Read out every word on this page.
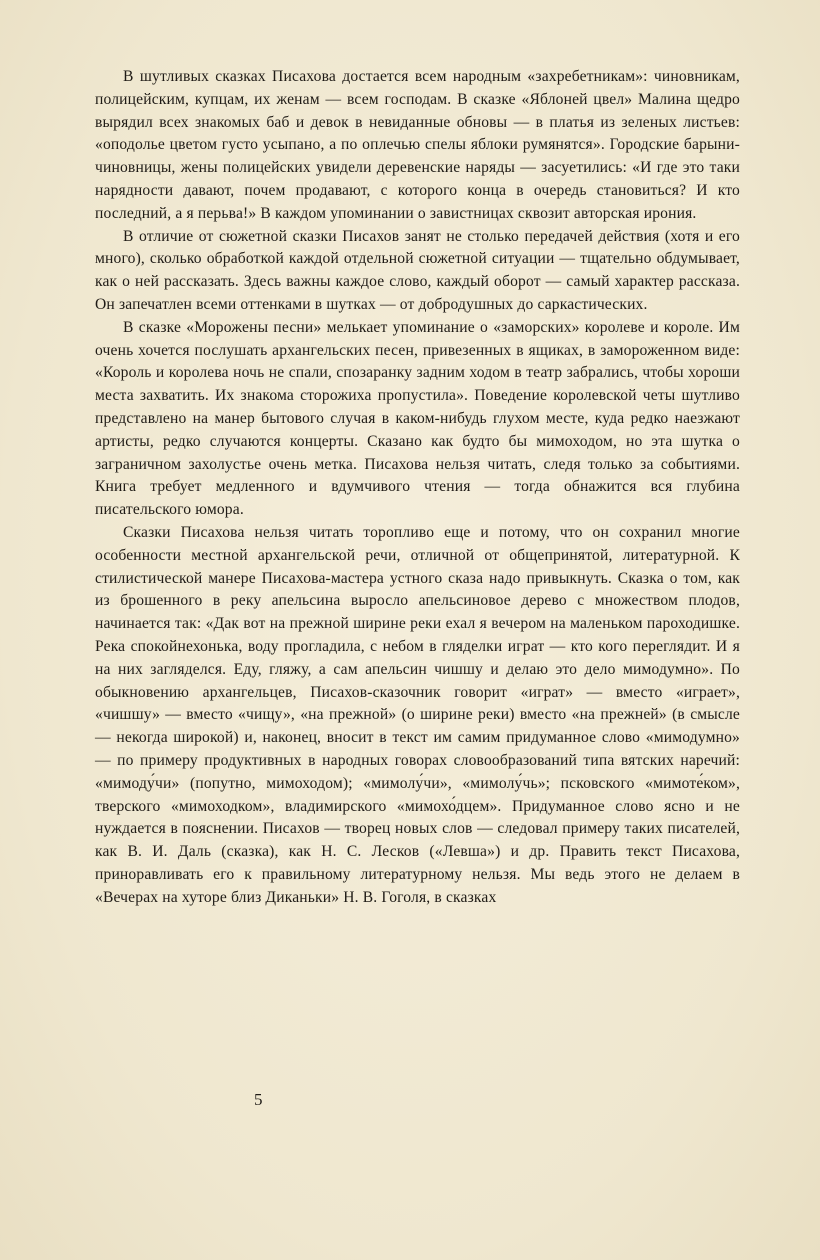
В шутливых сказках Писахова достается всем народным «захребетникам»: чиновникам, полицейским, купцам, их женам — всем господам. В сказке «Яблоней цвел» Малина щедро вырядил всех знакомых баб и девок в невиданные обновы — в платья из зеленых листьев: «оподолье цветом густо усыпано, а по оплечью спелы яблоки румянятся». Городские барыни-чиновницы, жены полицейских увидели деревенские наряды — засуетились: «И где это таки нарядности давают, почем продавают, с которого конца в очередь становиться? И кто последний, а я перьва!» В каждом упоминании о завистницах сквозит авторская ирония.

В отличие от сюжетной сказки Писахов занят не столько передачей действия (хотя и его много), сколько обработкой каждой отдельной сюжетной ситуации — тщательно обдумывает, как о ней рассказать. Здесь важны каждое слово, каждый оборот — самый характер рассказа. Он запечатлен всеми оттенками в шутках — от добродушных до саркастических.

В сказке «Морожены песни» мелькает упоминание о «заморских» королеве и короле. Им очень хочется послушать архангельских песен, привезенных в ящиках, в замороженном виде: «Король и королева ночь не спали, спозаранку задним ходом в театр забрались, чтобы хороши места захватить. Их знакома сторожиха пропустила». Поведение королевской четы шутливо представлено на манер бытового случая в каком-нибудь глухом месте, куда редко наезжают артисты, редко случаются концерты. Сказано как будто бы мимоходом, но эта шутка о заграничном захолустье очень метка. Писахова нельзя читать, следя только за событиями. Книга требует медленного и вдумчивого чтения — тогда обнажится вся глубина писательского юмора.

Сказки Писахова нельзя читать торопливо еще и потому, что он сохранил многие особенности местной архангельской речи, отличной от общепринятой, литературной. К стилистической манере Писахова-мастера устного сказа надо привыкнуть. Сказка о том, как из брошенного в реку апельсина выросло апельсиновое дерево с множеством плодов, начинается так: «Дак вот на прежной ширине реки ехал я вечером на маленьком пароходишке. Река спокойнехонька, воду прогладила, с небом в гляделки играт — кто кого переглядит. И я на них загляделся. Еду, гляжу, а сам апельсин чишшу и делаю это дело мимодумно». По обыкновению архангельцев, Писахов-сказочник говорит «играт» — вместо «играет», «чишшу» — вместо «чищу», «на прежной» (о ширине реки) вместо «на прежней» (в смысле — некогда широкой) и, наконец, вносит в текст им самим придуманное слово «мимодумно» — по примеру продуктивных в народных говорах словообразований типа вятских наречий: «мимоду́чи» (попутно, мимоходом); «мимолу́чи», «мимолу́чь»; псковского «мимоте́ком», тверского «мимоходком», владимирского «мимохо́дцем». Придуманное слово ясно и не нуждается в пояснении. Писахов — творец новых слов — следовал примеру таких писателей, как В. И. Даль (сказка), как Н. С. Лесков («Левша») и др. Править текст Писахова, приноравливать его к правильному литературному нельзя. Мы ведь этого не делаем в «Вечерах на хуторе близ Диканьки» Н. В. Гоголя, в сказках

5
